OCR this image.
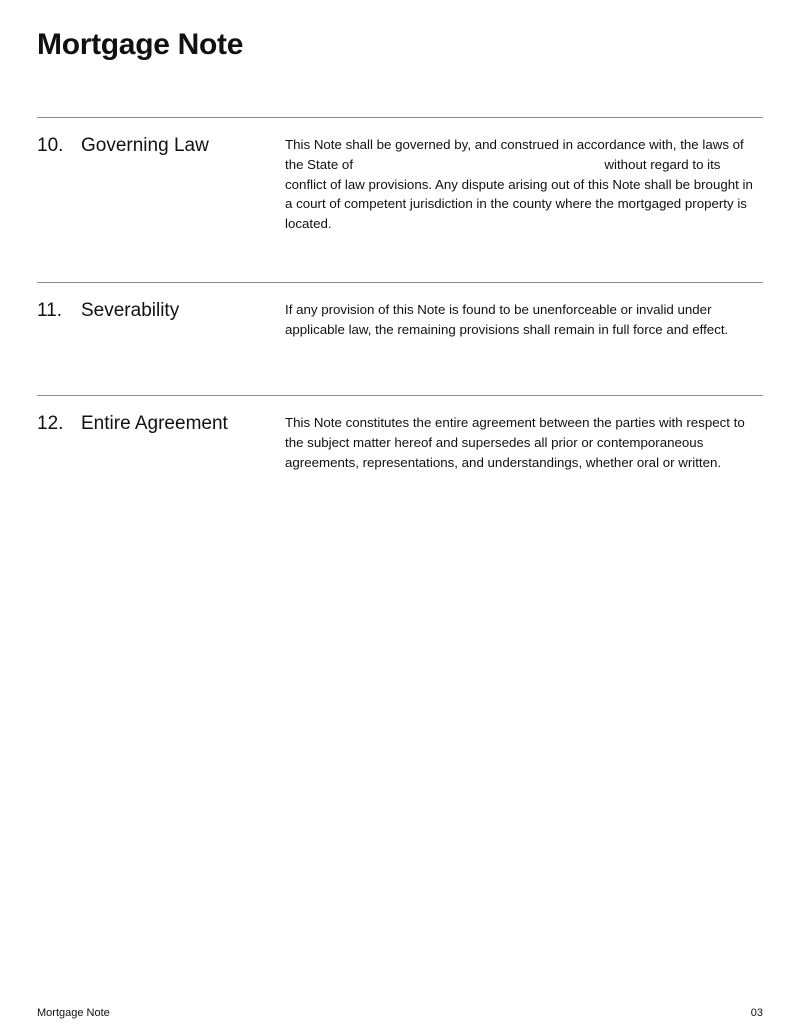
Mortgage Note
10. Governing Law	This Note shall be governed by, and construed in accordance with, the laws of the State of	without regard to its conflict of law provisions. Any dispute arising out of this Note shall be brought in a court of competent jurisdiction in the county where the mortgaged property is located.
11. Severability	If any provision of this Note is found to be unenforceable or invalid under applicable law, the remaining provisions shall remain in full force and effect.
12. Entire Agreement	This Note constitutes the entire agreement between the parties with respect to the subject matter hereof and supersedes all prior or contemporaneous agreements, representations, and understandings, whether oral or written.
Mortgage Note	03
